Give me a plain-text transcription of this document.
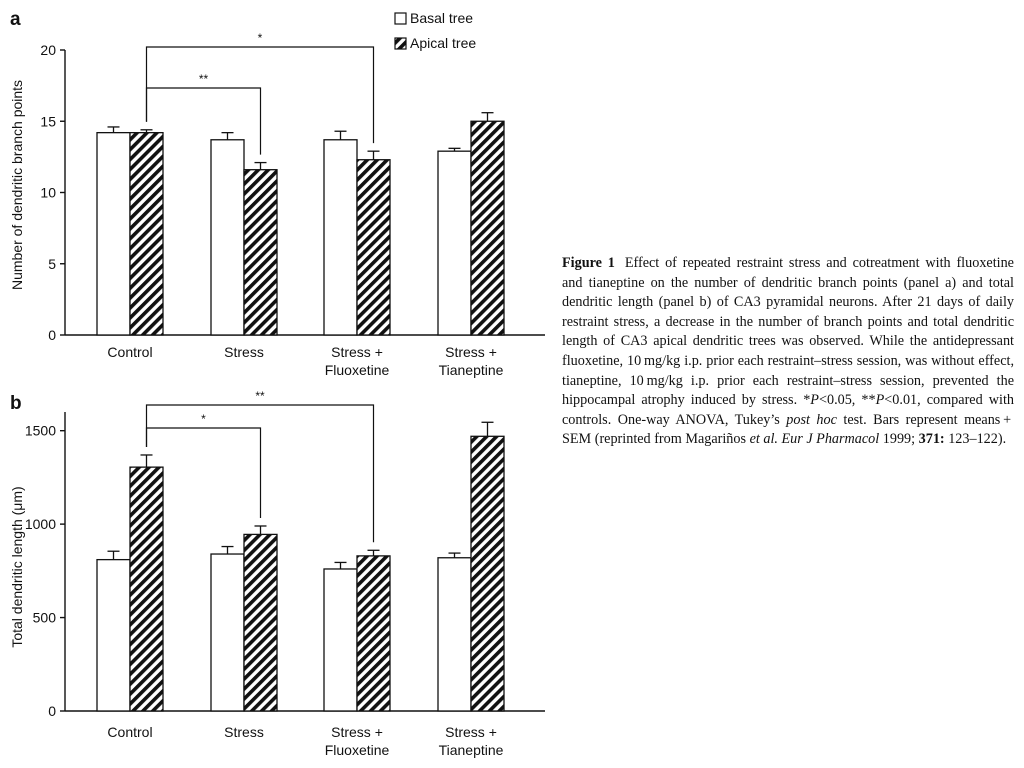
Basal tree
Apical tree
a
Number of dendritic branch points
0
5
10
15
20
**
*
Control	Stress	Stress +
Fluoxetine
Stress +
Tianeptine
b
Total dendritic length (μm)
0
500
1000
1500
*
**
Control	Stress	Stress +
Fluoxetine
Stress +
Tianeptine
Figure 1 Effect of repeated restraint stress and cotreatment with fluoxetine and tianeptine on the number of dendritic branch points (panel a) and total dendritic length (panel b) of CA3 pyramidal neurons. After 21 days of daily restraint stress, a decrease in the number of branch points and total dendritic length of CA3 apical dendritic trees was observed. While the antidepressant fluoxetine, 10 mg/kg i.p. prior each restraint–stress session, was without effect, tianeptine, 10 mg/kg i.p. prior each restraint–stress session, prevented the hippocampal atrophy induced by stress. *P<0.05, **P<0.01, compared with controls. One-way ANOVA, Tukey’s post hoc test. Bars represent means + SEM (reprinted from Magariños et al. Eur J Pharmacol 1999; 371: 123–122).
